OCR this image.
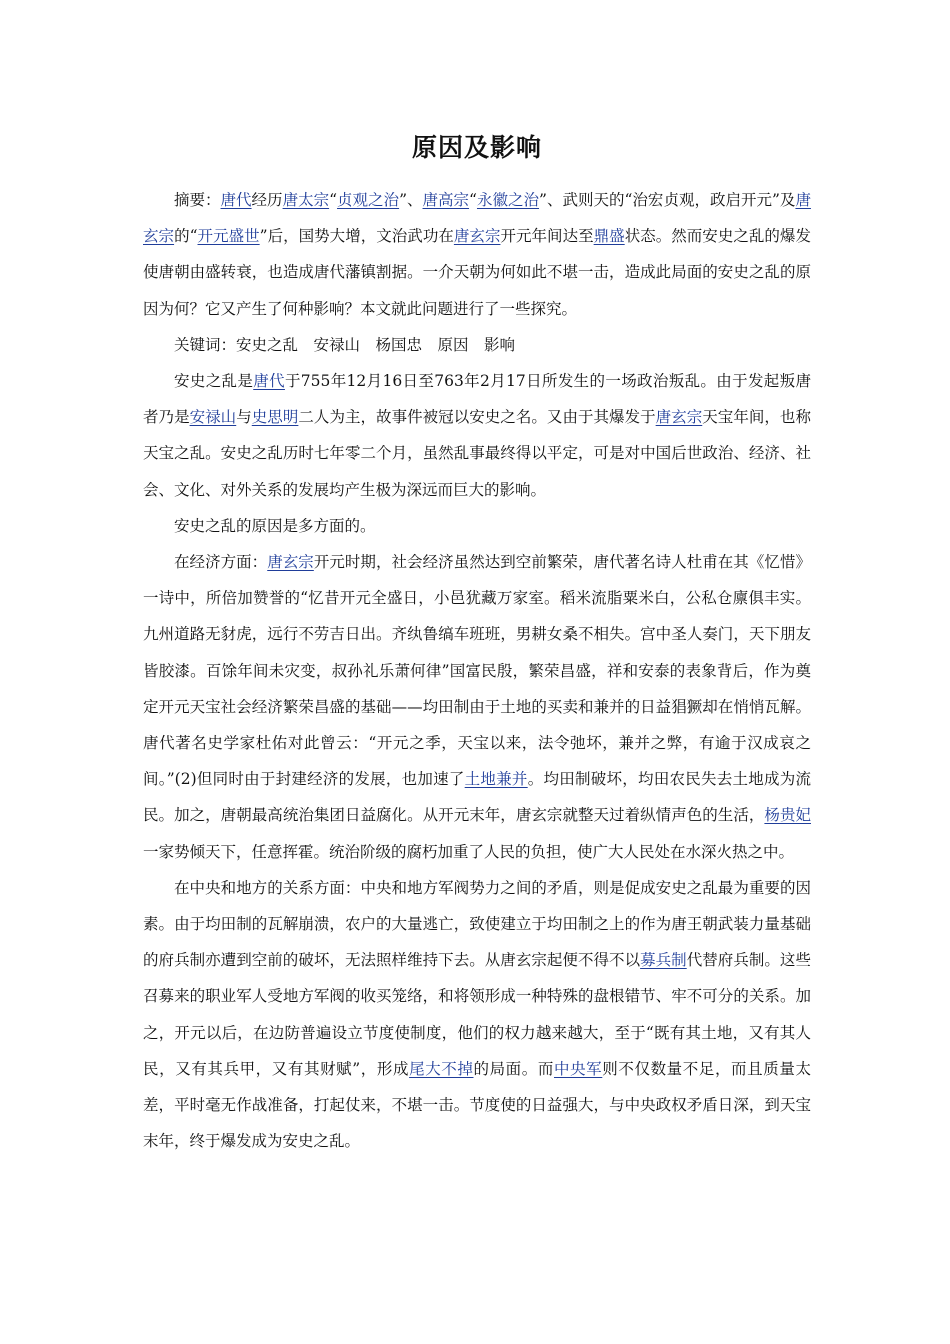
原因及影响

摘要：唐代经历唐太宗“贞观之治”、唐高宗“永徽之治”、武则天的“治宏贞观，政启开元”及唐玄宗的“开元盛世”后，国势大增，文治武功在唐玄宗开元年间达至鼎盛状态。然而安史之乱的爆发使唐朝由盛转衰，也造成唐代藩镇割据。一介天朝为何如此不堪一击，造成此局面的安史之乱的原因为何？它又产生了何种影响？本文就此问题进行了一些探究。

关键词：安史之乱　安禄山　杨国忠　原因　影响

安史之乱是唐代于755年12月16日至763年2月17日所发生的一场政治叛乱。由于发起叛唐者乃是安禄山与史思明二人为主，故事件被冠以安史之名。又由于其爆发于唐玄宗天宝年间，也称天宝之乱。安史之乱历时七年零二个月，虽然乱事最终得以平定，可是对中国后世政治、经济、社会、文化、对外关系的发展均产生极为深远而巨大的影响。

安史之乱的原因是多方面的。

在经济方面：唐玄宗开元时期，社会经济虽然达到空前繁荣，唐代著名诗人杜甫在其《忆惜》一诗中，所倍加赞誉的“忆昔开元全盛日，小邑犹藏万家室。稻米流脂粟米白，公私仓廪俱丰实。九州道路无豺虎，远行不劳吉日出。齐纨鲁缟车班班，男耕女桑不相失。宫中圣人奏门，天下朋友皆胶漆。百馀年间未灾变，叔孙礼乐萧何律”国富民殷，繁荣昌盛，祥和安泰的表象背后，作为奠定开元天宝社会经济繁荣昌盛的基础——均田制由于土地的买卖和兼并的日益猖獗却在悄悄瓦解。唐代著名史学家杜佑对此曾云：“开元之季，天宝以来，法令弛坏，兼并之弊，有逾于汉成哀之间。”(2)但同时由于封建经济的发展，也加速了土地兼并。均田制破坏，均田农民失去土地成为流民。加之，唐朝最高统治集团日益腐化。从开元末年，唐玄宗就整天过着纵情声色的生活，杨贵妃一家势倾天下，任意挥霍。统治阶级的腐朽加重了人民的负担，使广大人民处在水深火热之中。

在中央和地方的关系方面：中央和地方军阀势力之间的矛盾，则是促成安史之乱最为重要的因素。由于均田制的瓦解崩溃，农户的大量逃亡，致使建立于均田制之上的作为唐王朝武装力量基础的府兵制亦遭到空前的破坏，无法照样维持下去。从唐玄宗起便不得不以募兵制代替府兵制。这些召募来的职业军人受地方军阀的收买笼络，和将领形成一种特殊的盘根错节、牢不可分的关系。加之，开元以后，在边防普遍设立节度使制度，他们的权力越来越大，至于“既有其土地，又有其人民，又有其兵甲，又有其财赋”，形成尾大不掉的局面。而中央军则不仅数量不足，而且质量太差，平时毫无作战准备，打起仗来，不堪一击。节度使的日益强大，与中央政权矛盾日深，到天宝末年，终于爆发成为安史之乱。
